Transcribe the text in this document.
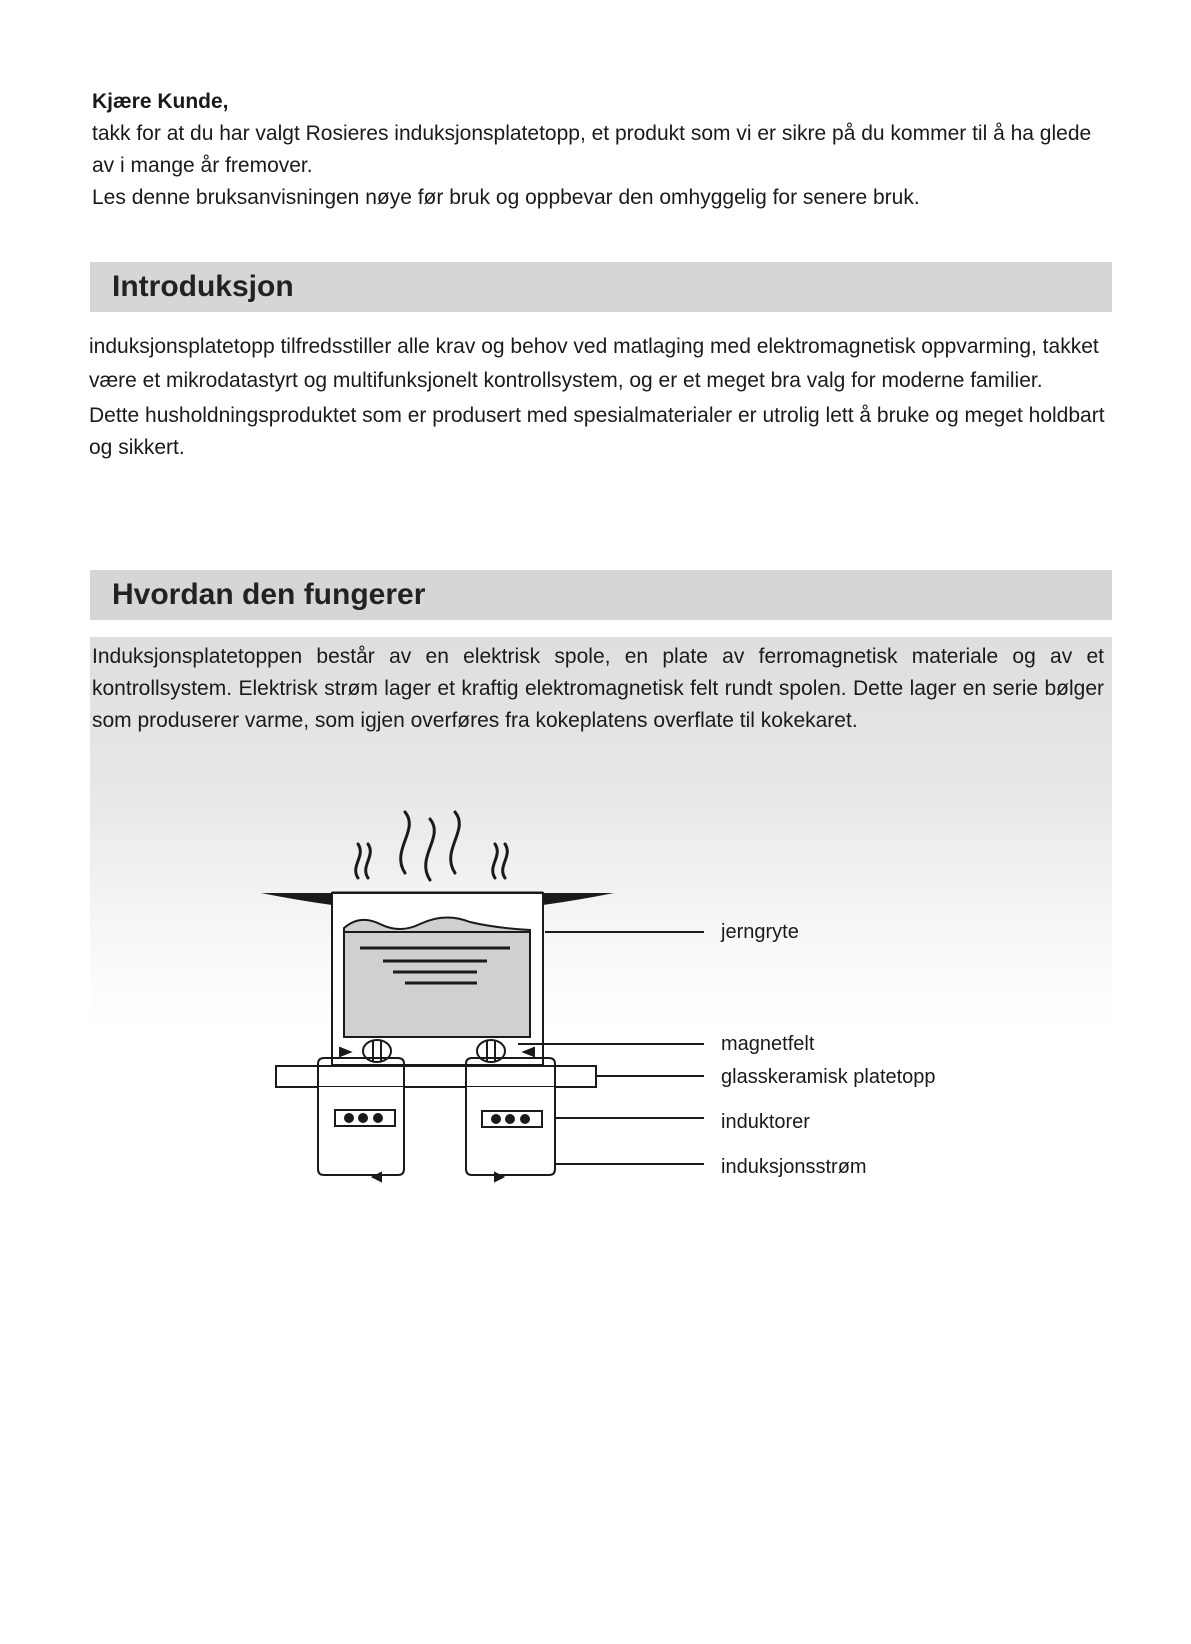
Kjære Kunde,

takk for at du har valgt Rosieres induksjonsplatetopp, et produkt som vi er sikre på du kommer til å ha glede av i mange år fremover.

Les denne bruksanvisningen nøye før bruk og oppbevar den omhyggelig for senere bruk.

Introduksjon

induksjonsplatetopp tilfredsstiller alle krav og behov ved matlaging med elektromagnetisk oppvarming, takket være et mikrodatastyrt og multifunksjonelt kontrollsystem, og er et meget bra valg for moderne familier.

Dette husholdningsproduktet som er produsert med spesialmaterialer er utrolig lett å bruke og meget holdbart og sikkert.

Hvordan den fungerer

Induksjonsplatetoppen består av en elektrisk spole, en plate av ferromagnetisk materiale og av et kontrollsystem. Elektrisk strøm lager et kraftig elektromagnetisk felt rundt spolen. Dette lager en serie bølger som produserer varme, som igjen overføres fra kokeplatens overflate til kokekaret.

jerngryte
magnetfelt
glasskeramisk platetopp
induktorer
induksjonsstrøm
